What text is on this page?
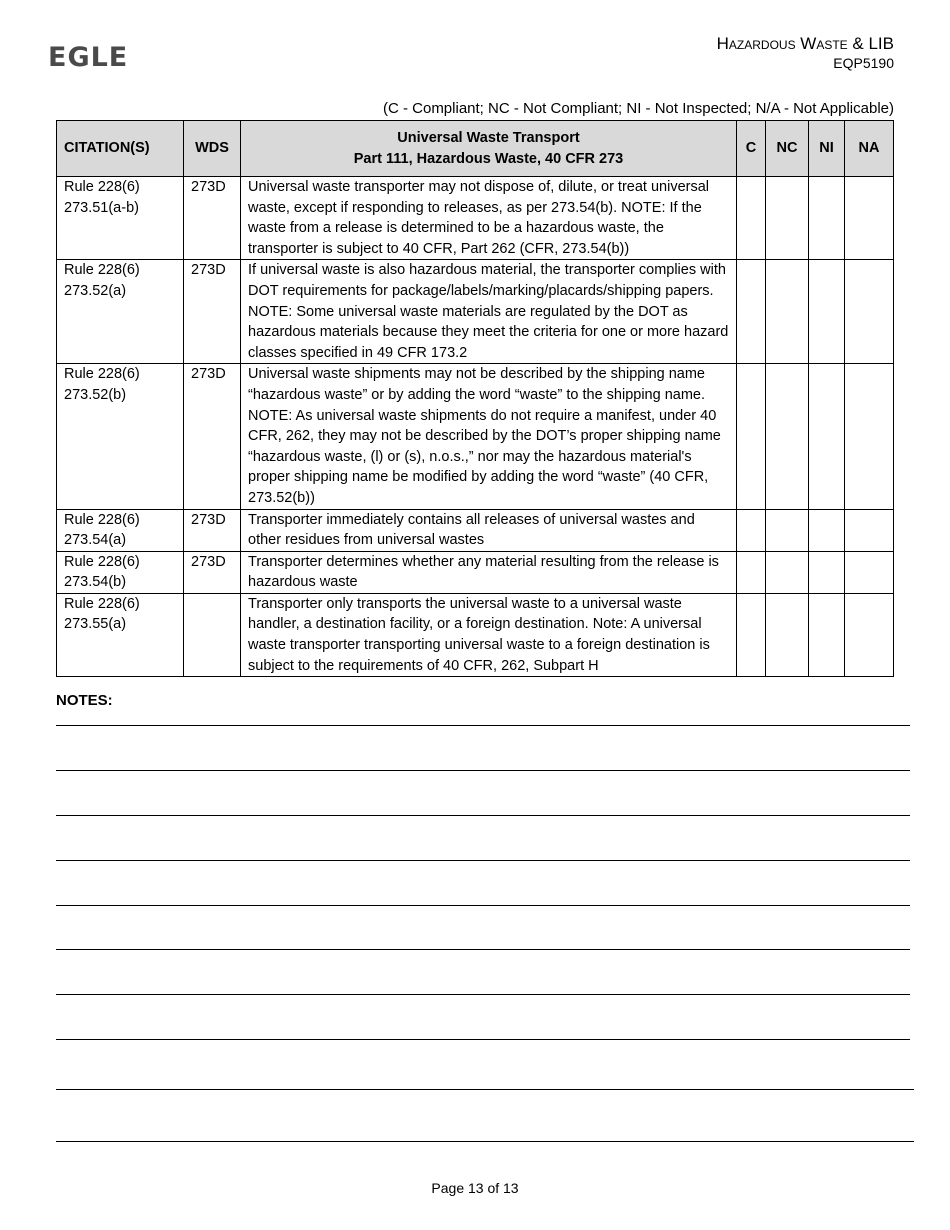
EGLE	Hazardous Waste & LIB
EQP5190
(C - Compliant; NC - Not Compliant; NI - Not Inspected; N/A - Not Applicable)
CITATION(S)	WDS	Universal Waste Transport
Part 111, Hazardous Waste, 40 CFR 273	C	NC	NI	NA

Rule 228(6)
273.51(a-b)	273D	Universal waste transporter may not dispose of, dilute, or treat universal waste, except if responding to releases, as per 273.54(b). NOTE: If the waste from a release is determined to be a hazardous waste, the transporter is subject to 40 CFR, Part 262 (CFR, 273.54(b))				

Rule 228(6)
273.52(a)	273D	If universal waste is also hazardous material, the transporter complies with DOT requirements for package/labels/marking/placards/shipping papers. NOTE: Some universal waste materials are regulated by the DOT as hazardous materials because they meet the criteria for one or more hazard classes specified in 49 CFR 173.2				

Rule 228(6)
273.52(b)	273D	Universal waste shipments may not be described by the shipping name “hazardous waste” or by adding the word “waste” to the shipping name. NOTE: As universal waste shipments do not require a manifest, under 40 CFR, 262, they may not be described by the DOT’s proper shipping name “hazardous waste, (l) or (s), n.o.s.,” nor may the hazardous material's proper shipping name be modified by adding the word “waste” (40 CFR, 273.52(b))				

Rule 228(6)
273.54(a)	273D	Transporter immediately contains all releases of universal wastes and other residues from universal wastes				

Rule 228(6)
273.54(b)	273D	Transporter determines whether any material resulting from the release is hazardous waste				

Rule 228(6)
273.55(a)		Transporter only transports the universal waste to a universal waste handler, a destination facility, or a foreign destination. Note: A universal waste transporter transporting universal waste to a foreign destination is subject to the requirements of 40 CFR, 262, Subpart H				
NOTES:
Page 13 of 13
